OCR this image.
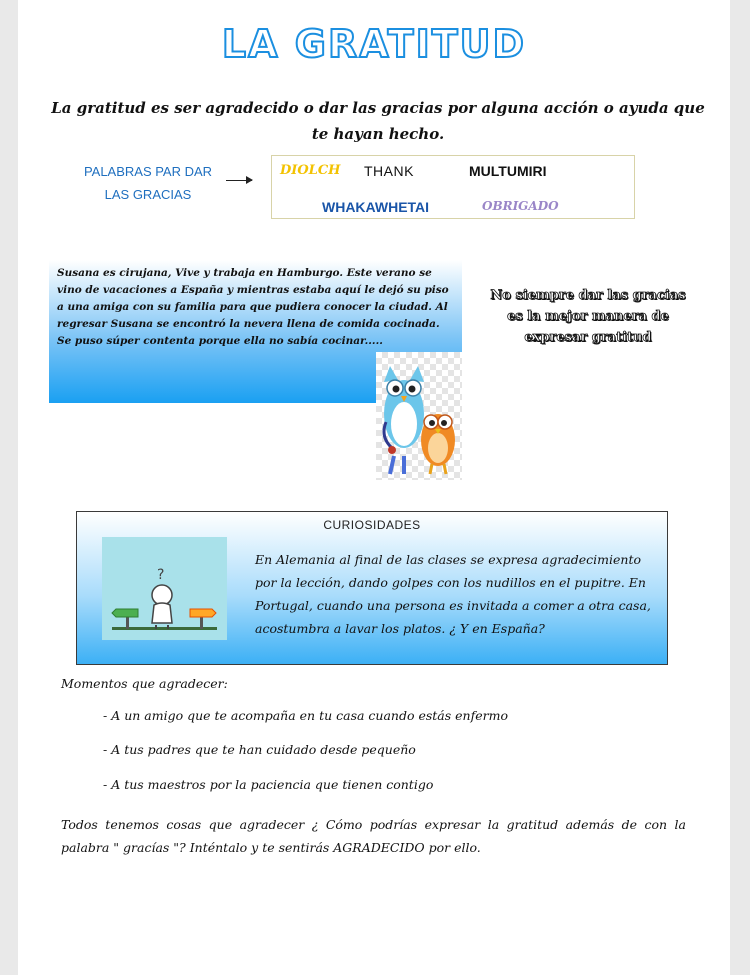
LA GRATITUD
La gratitud es ser agradecido o dar las gracias por alguna acción o ayuda que te hayan hecho.
PALABRAS PAR DAR LAS GRACIAS
DIOLCH THANK	MULTUMIRI
WHAKAWHETAI	OBRIGADO
Susana es cirujana, Vive y trabaja en Hamburgo. Este verano se vino de vacaciones a España y mientras estaba aquí le dejó su piso a una amiga con su familia para que pudiera conocer la ciudad. Al regresar Susana se encontró la nevera llena de comida cocinada. Se puso súper contenta porque ella no sabía cocinar.....
No siempre dar las gracias es la mejor manera de expresar gratitud
CURIOSIDADES
?
En Alemania al final de las clases se expresa agradecimiento por la lección, dando golpes con los nudillos en el pupitre. En Portugal, cuando una persona es invitada a comer a otra casa, acostumbra a lavar los platos. ¿ Y en España?
Momentos que agradecer:
- A un amigo que te acompaña en tu casa cuando estás enfermo
- A tus padres que te han cuidado desde pequeño
- A tus maestros por la paciencia que tienen contigo
Todos tenemos cosas que agradecer ¿ Cómo podrías expresar la gratitud además de con la palabra " gracías "? Inténtalo y te sentirás AGRADECIDO por ello.
